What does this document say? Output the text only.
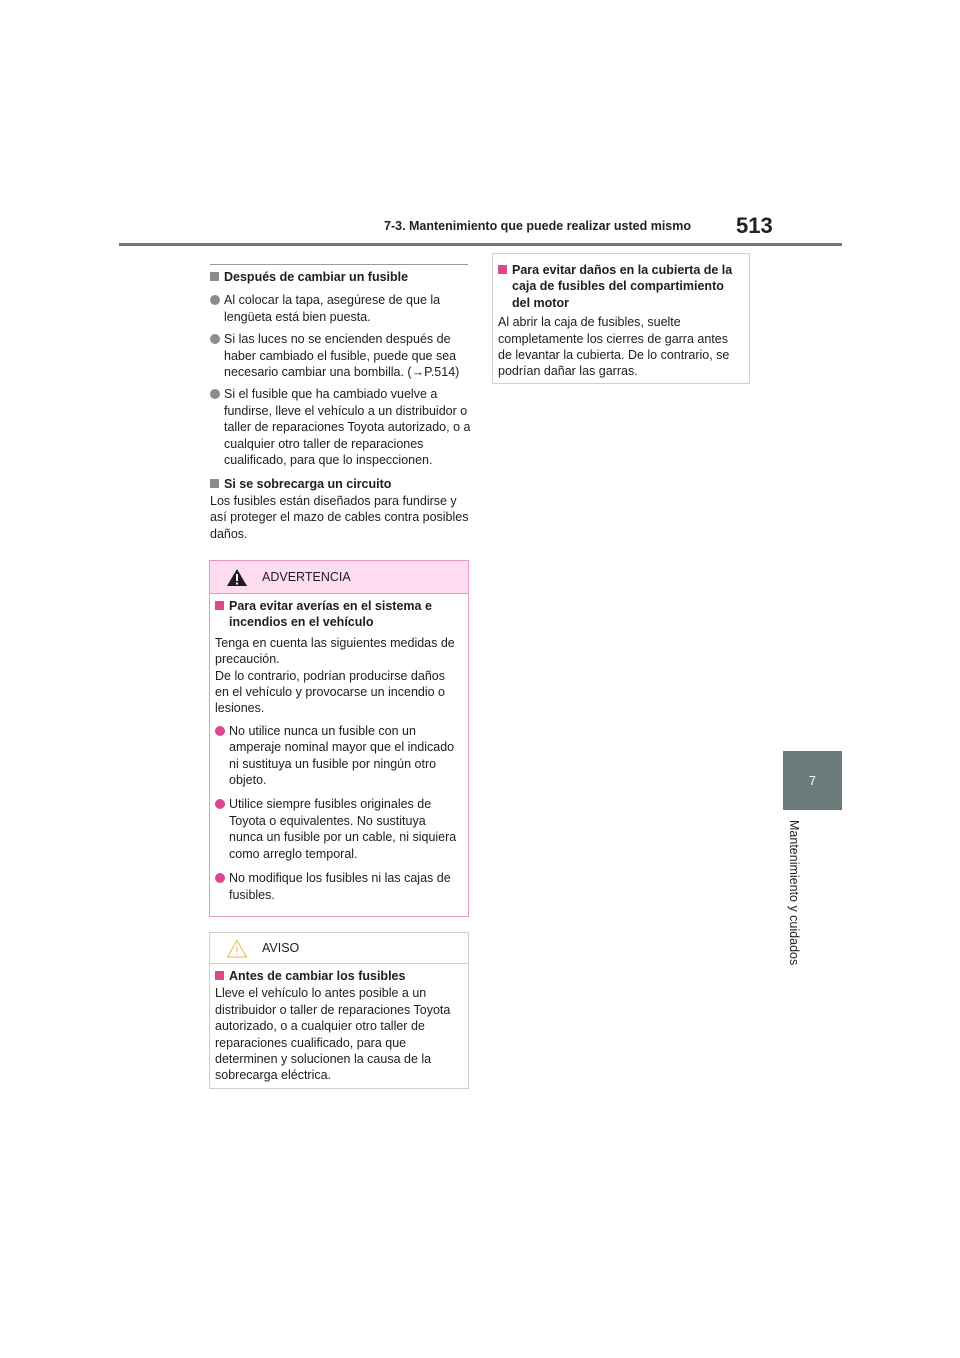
7-3. Mantenimiento que puede realizar usted mismo 513
7
Mantenimiento y cuidados

Después de cambiar un fusible

Al colocar la tapa, asegúrese de que la lengüeta está bien puesta.

Si las luces no se encienden después de haber cambiado el fusible, puede que sea necesario cambiar una bombilla. (→P.514)

Si el fusible que ha cambiado vuelve a fundirse, lleve el vehículo a un distribuidor o taller de reparaciones Toyota autorizado, o a cualquier otro taller de reparaciones cualificado, para que lo inspeccionen.

Si se sobrecarga un circuito

Los fusibles están diseñados para fundirse y así proteger el mazo de cables contra posibles daños.

ADVERTENCIA

Para evitar averías en el sistema e incendios en el vehículo

Tenga en cuenta las siguientes medidas de precaución.

De lo contrario, podrían producirse daños en el vehículo y provocarse un incendio o lesiones.

No utilice nunca un fusible con un amperaje nominal mayor que el indicado ni sustituya un fusible por ningún otro objeto.

Utilice siempre fusibles originales de Toyota o equivalentes. No sustituya nunca un fusible por un cable, ni siquiera como arreglo temporal.

No modifique los fusibles ni las cajas de fusibles.

AVISO

Antes de cambiar los fusibles

Lleve el vehículo lo antes posible a un distribuidor o taller de reparaciones Toyota autorizado, o a cualquier otro taller de reparaciones cualificado, para que determinen y solucionen la causa de la sobrecarga eléctrica.

Para evitar daños en la cubierta de la caja de fusibles del compartimiento del motor

Al abrir la caja de fusibles, suelte completamente los cierres de garra antes de levantar la cubierta. De lo contrario, se podrían dañar las garras.
